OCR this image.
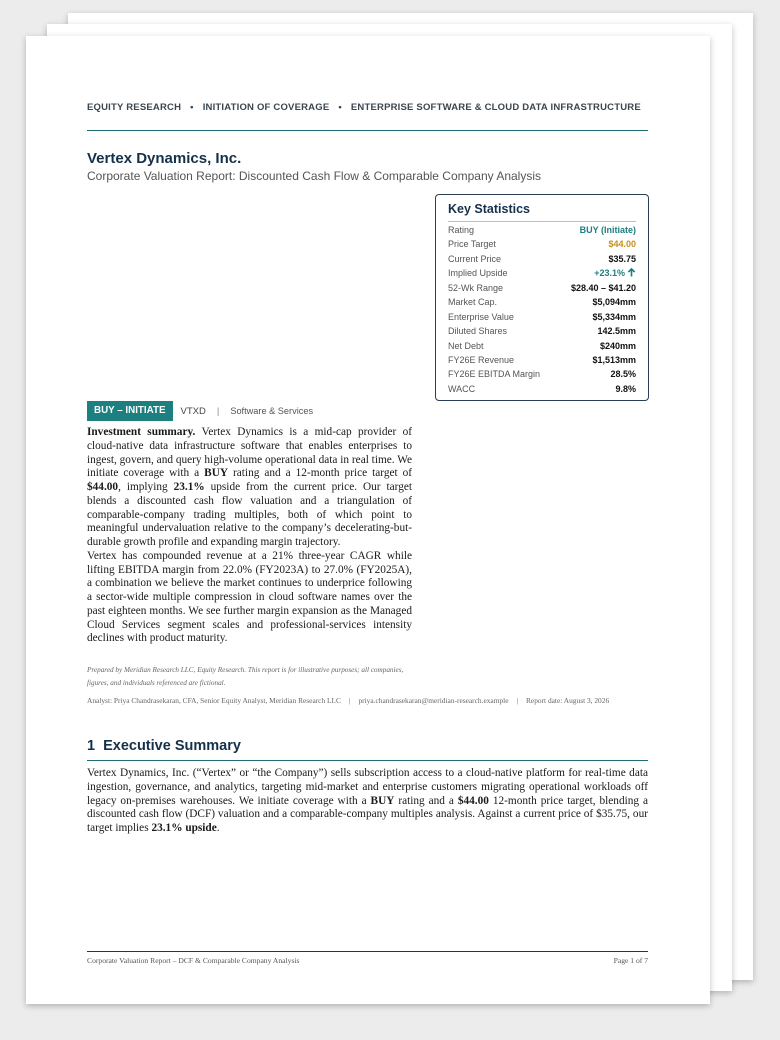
EQUITY RESEARCH • INITIATION OF COVERAGE • ENTERPRISE SOFTWARE & CLOUD DATA INFRASTRUCTURE
Vertex Dynamics, Inc.
Corporate Valuation Report: Discounted Cash Flow & Comparable Company Analysis
Key Statistics
Rating	BUY (Initiate)
Price Target	$44.00
Current Price	$35.75
Implied Upside	+23.1%
52-Wk Range	$28.40 – $41.20
Market Cap.	$5,094mm
Enterprise Value	$5,334mm
Diluted Shares	142.5mm
Net Debt	$240mm
FY26E Revenue	$1,513mm
FY26E EBITDA Margin	28.5%
WACC	9.8%
BUY – INITIATE	VTXD | Software & Services

Investment summary. Vertex Dynamics is a mid-cap provider of cloud-native data infrastructure software that enables enterprises to ingest, govern, and query high-volume operational data in real time. We initiate coverage with a BUY rating and a 12-month price target of $44.00, implying 23.1% upside from the current price. Our target blends a discounted cash flow valuation and a triangulation of comparable-company trading multiples, both of which point to meaningful undervaluation relative to the company’s decelerating-but-durable growth profile and expanding margin trajectory.

Vertex has compounded revenue at a 21% three-year CAGR while lifting EBITDA margin from 22.0% (FY2023A) to 27.0% (FY2025A), a combination we believe the market continues to underprice following a sector-wide multiple compression in cloud software names over the past eighteen months. We see further margin expansion as the Managed Cloud Services segment scales and professional-services intensity declines with product maturity.

Prepared by Meridian Research LLC, Equity Research. This report is for illustrative purposes; all companies, figures, and individuals referenced are fictional.
Analyst: Priya Chandrasekaran, CFA, Senior Equity Analyst, Meridian Research LLC | priya.chandrasekaran@meridian-research.example | Report date: August 3, 2026
1 Executive Summary
Vertex Dynamics, Inc. (“Vertex” or “the Company”) sells subscription access to a cloud-native platform for real-time data ingestion, governance, and analytics, targeting mid-market and enterprise customers migrating operational workloads off legacy on-premises warehouses. We initiate coverage with a BUY rating and a $44.00 12-month price target, blending a discounted cash flow (DCF) valuation and a comparable-company multiples analysis. Against a current price of $35.75, our target implies 23.1% upside.
Corporate Valuation Report – DCF & Comparable Company Analysis	Page 1 of 7
